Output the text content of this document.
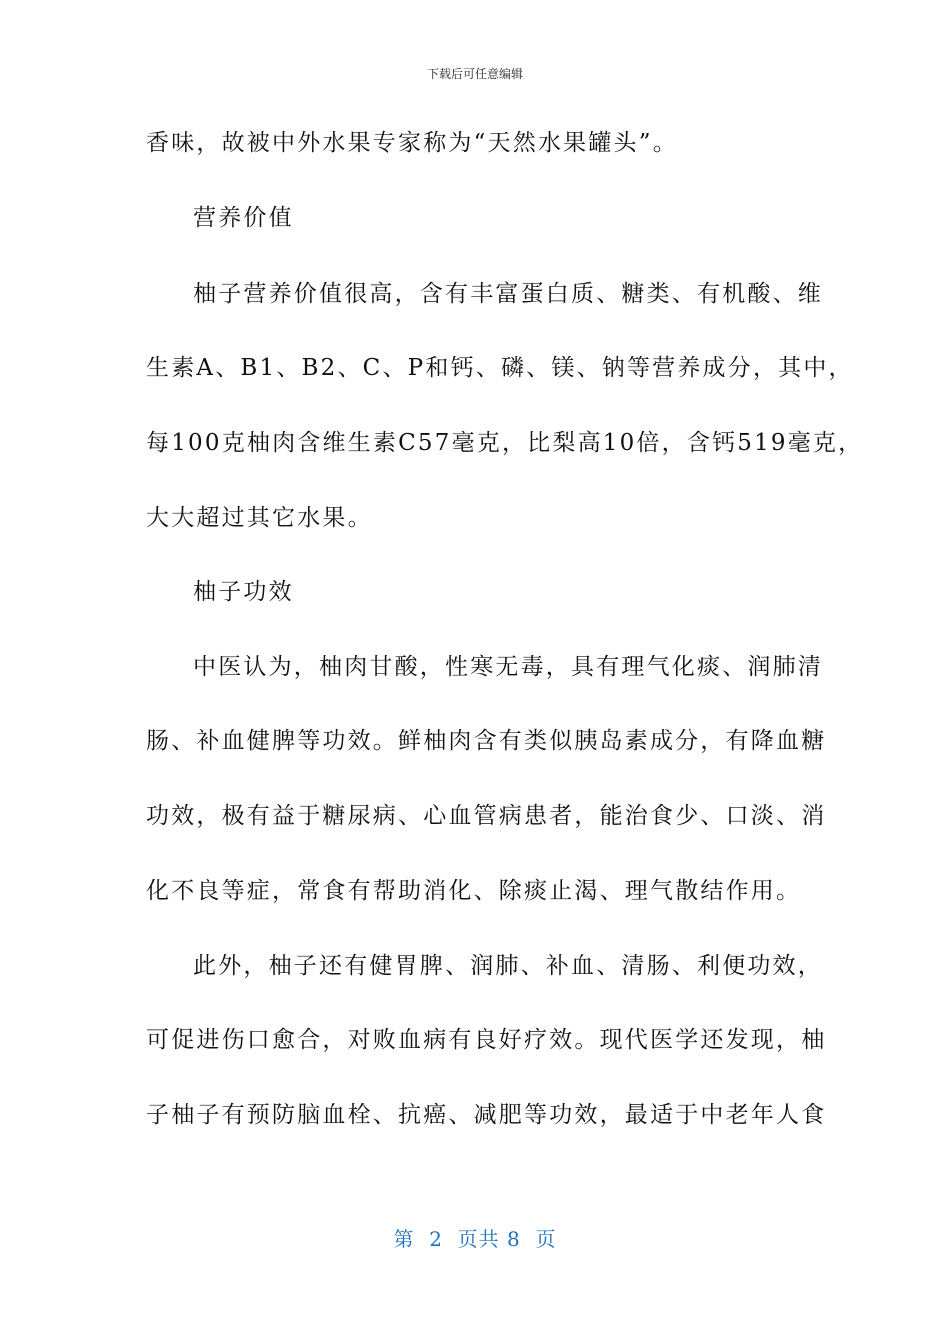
下载后可任意编辑
香味，故被中外水果专家称为“天然水果罐头”。
营养价值
柚子营养价值很高，含有丰富蛋白质、糖类、有机酸、维
生素A、B1、B2、C、P和钙、磷、镁、钠等营养成分，其中，
每100克柚肉含维生素C57毫克，比梨高10倍，含钙519毫克，
大大超过其它水果。
柚子功效
中医认为，柚肉甘酸，性寒无毒，具有理气化痰、润肺清
肠、补血健脾等功效。鲜柚肉含有类似胰岛素成分，有降血糖
功效，极有益于糖尿病、心血管病患者，能治食少、口淡、消
化不良等症，常食有帮助消化、除痰止渴、理气散结作用。
此外，柚子还有健胃脾、润肺、补血、清肠、利便功效，
可促进伤口愈合，对败血病有良好疗效。现代医学还发现，柚
子柚子有预防脑血栓、抗癌、减肥等功效，最适于中老年人食
第  2  页共 8  页
